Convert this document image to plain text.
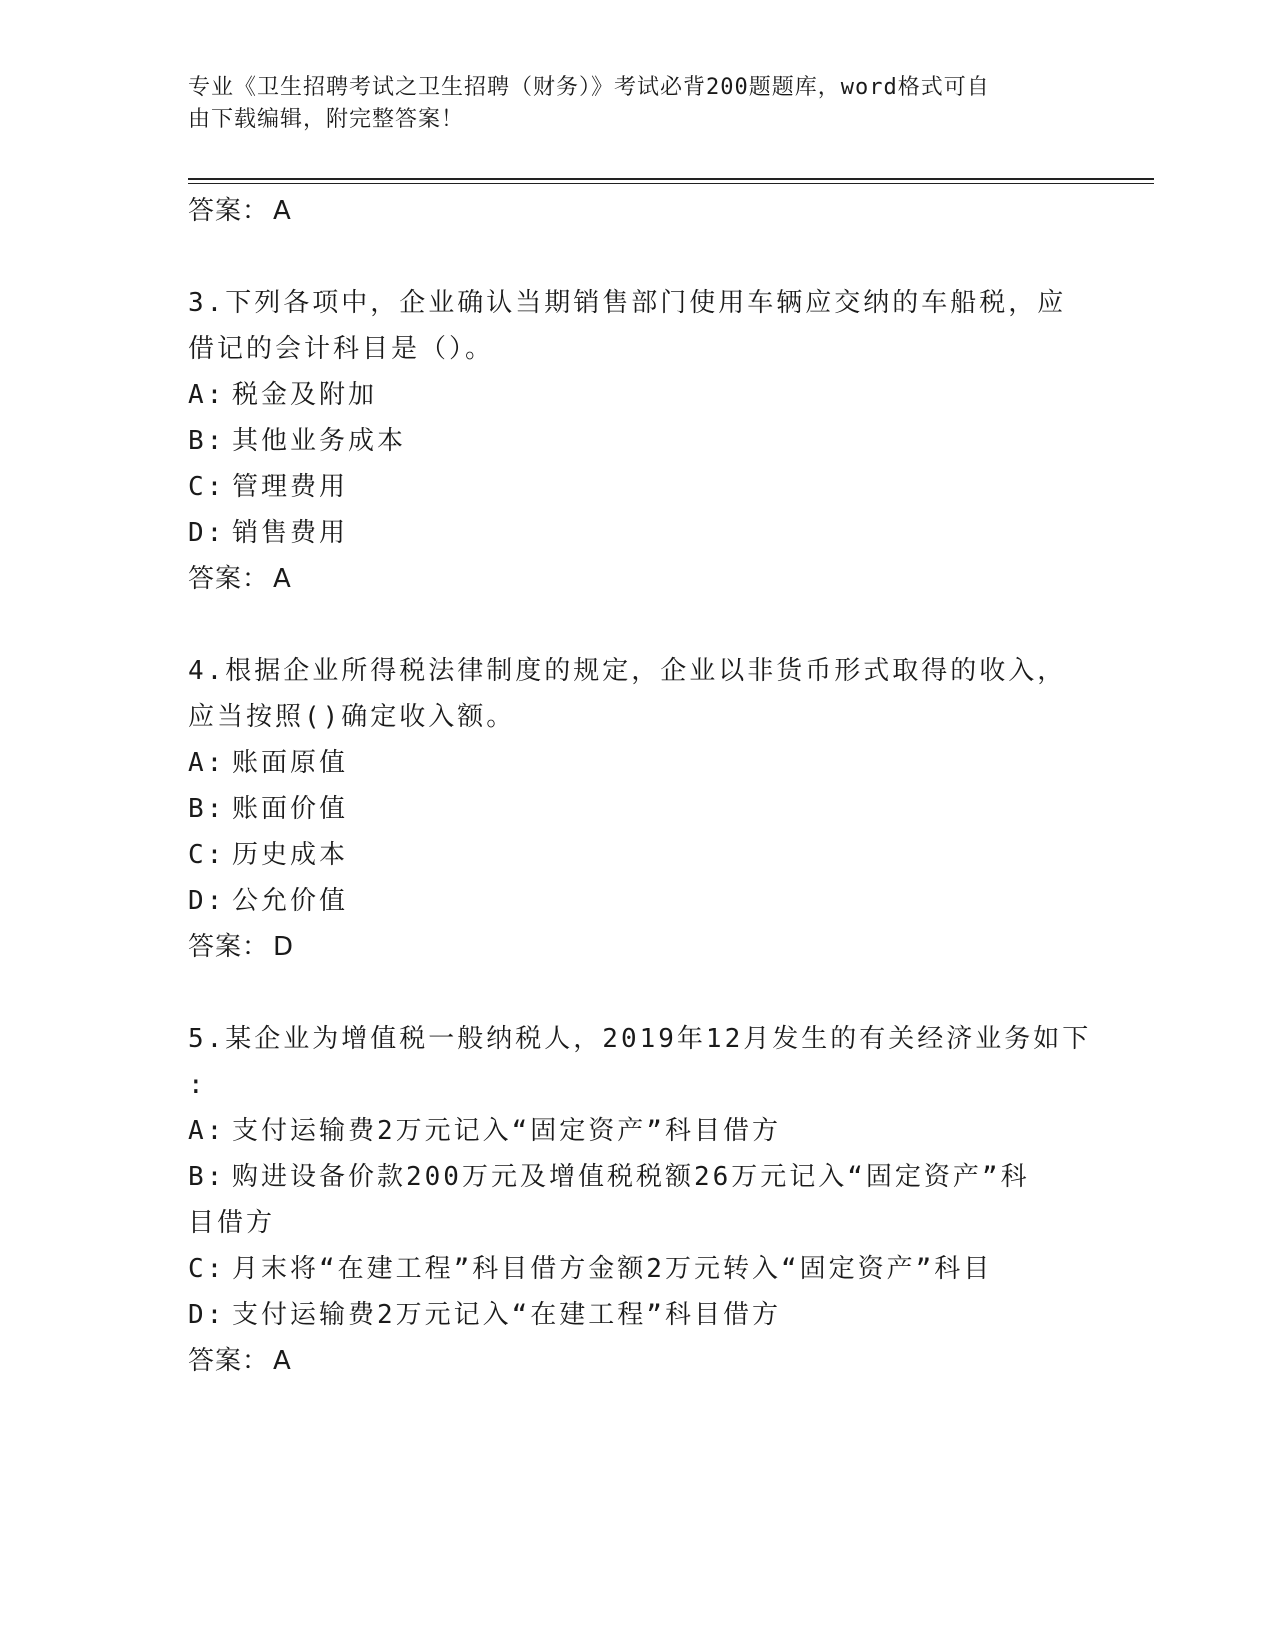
专业《卫生招聘考试之卫生招聘（财务）》考试必背200题题库，word格式可自
由下载编辑，附完整答案！
答案： A
3.下列各项中，企业确认当期销售部门使用车辆应交纳的车船税，应
借记的会计科目是（）。
A: 税金及附加
B: 其他业务成本
C: 管理费用
D: 销售费用
答案： A
4.根据企业所得税法律制度的规定，企业以非货币形式取得的收入，
应当按照()确定收入额。
A: 账面原值
B: 账面价值
C: 历史成本
D: 公允价值
答案： D
5.某企业为增值税一般纳税人，2019年12月发生的有关经济业务如下
:
A: 支付运输费2万元记入“固定资产”科目借方
B: 购进设备价款200万元及增值税税额26万元记入“固定资产”科
目借方
C: 月末将“在建工程”科目借方金额2万元转入“固定资产”科目
D: 支付运输费2万元记入“在建工程”科目借方
答案： A
